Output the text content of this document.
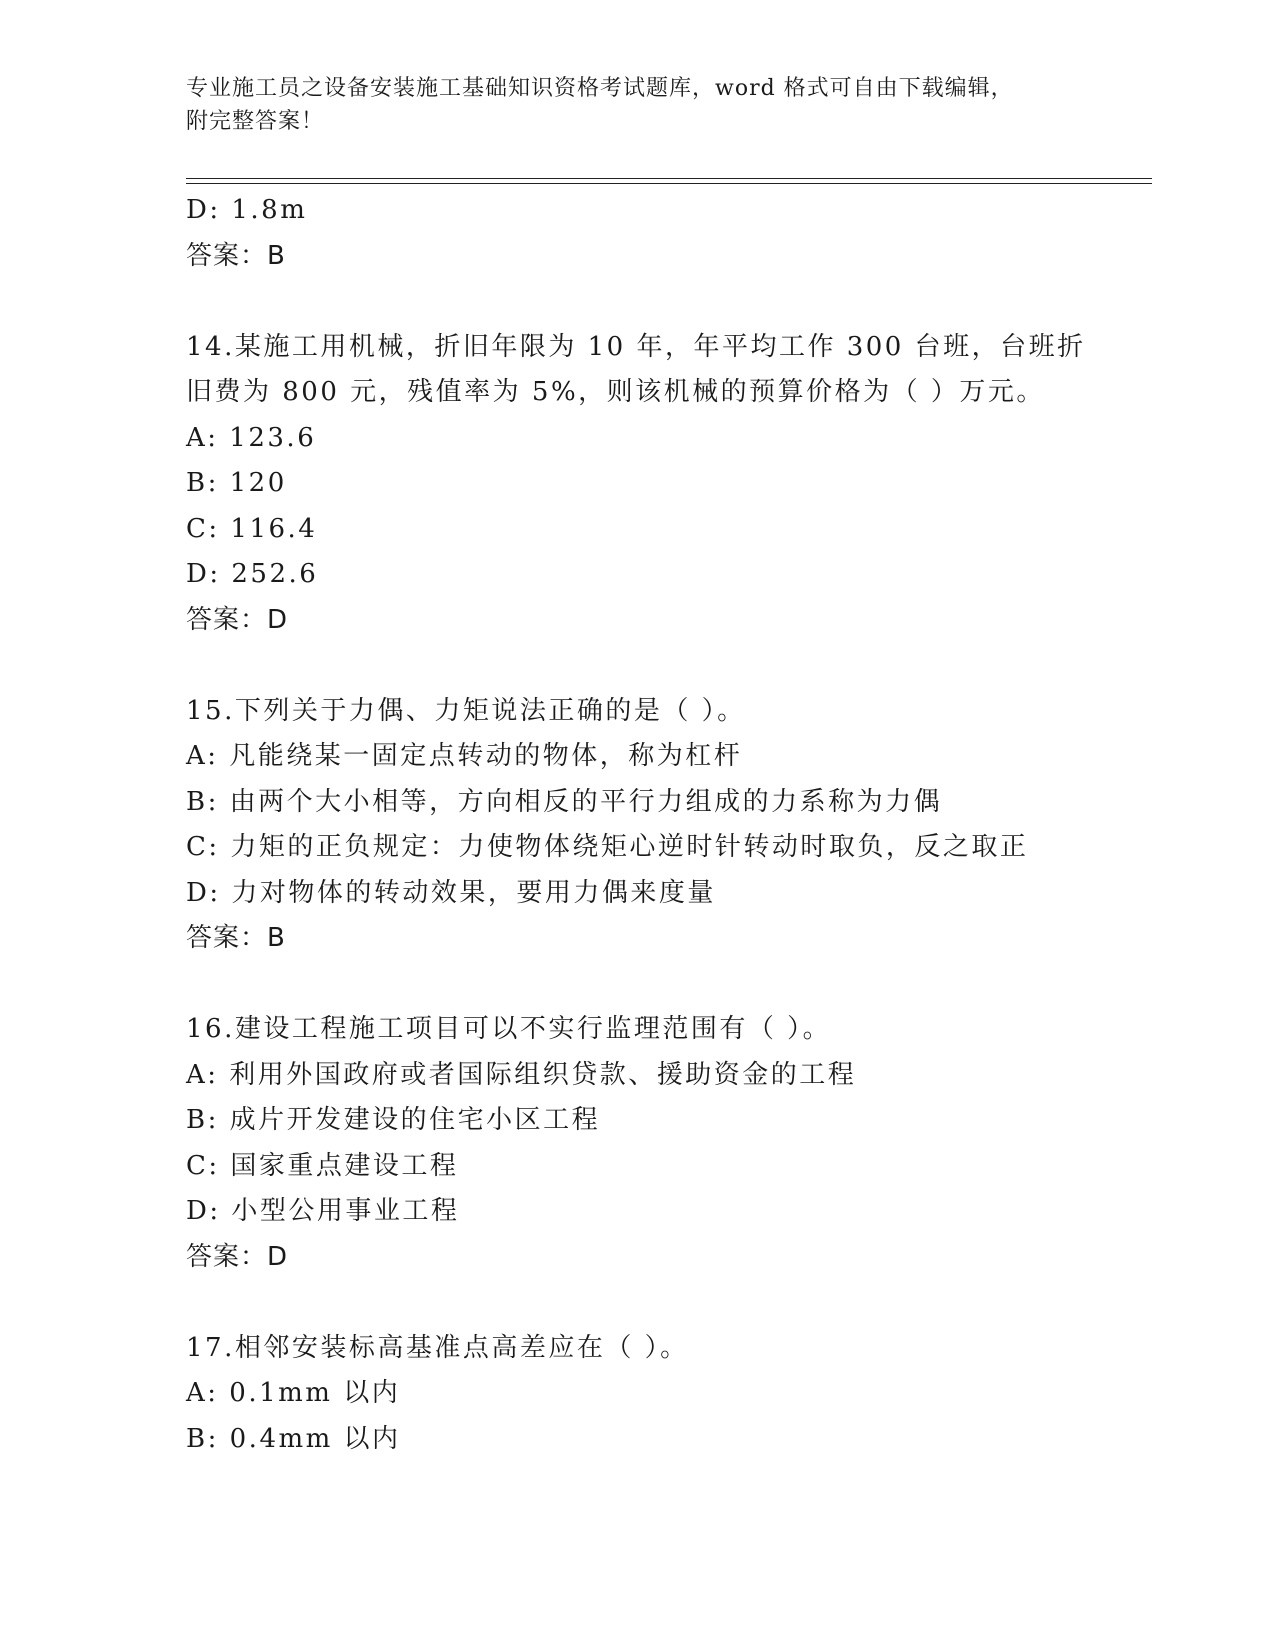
专业施工员之设备安装施工基础知识资格考试题库，word 格式可自由下载编辑，
附完整答案！
D: 1.8m
答案：B
14.某施工用机械，折旧年限为 10 年，年平均工作 300 台班，台班折
旧费为 800 元，残值率为 5%，则该机械的预算价格为（ ）万元。
A: 123.6
B: 120
C: 116.4
D: 252.6
答案：D
15.下列关于力偶、力矩说法正确的是（ ）。
A: 凡能绕某一固定点转动的物体，称为杠杆
B: 由两个大小相等，方向相反的平行力组成的力系称为力偶
C: 力矩的正负规定：力使物体绕矩心逆时针转动时取负，反之取正
D: 力对物体的转动效果，要用力偶来度量
答案：B
16.建设工程施工项目可以不实行监理范围有（ ）。
A: 利用外国政府或者国际组织贷款、援助资金的工程
B: 成片开发建设的住宅小区工程
C: 国家重点建设工程
D: 小型公用事业工程
答案：D
17.相邻安装标高基准点高差应在（ ）。
A: 0.1mm 以内
B: 0.4mm 以内
